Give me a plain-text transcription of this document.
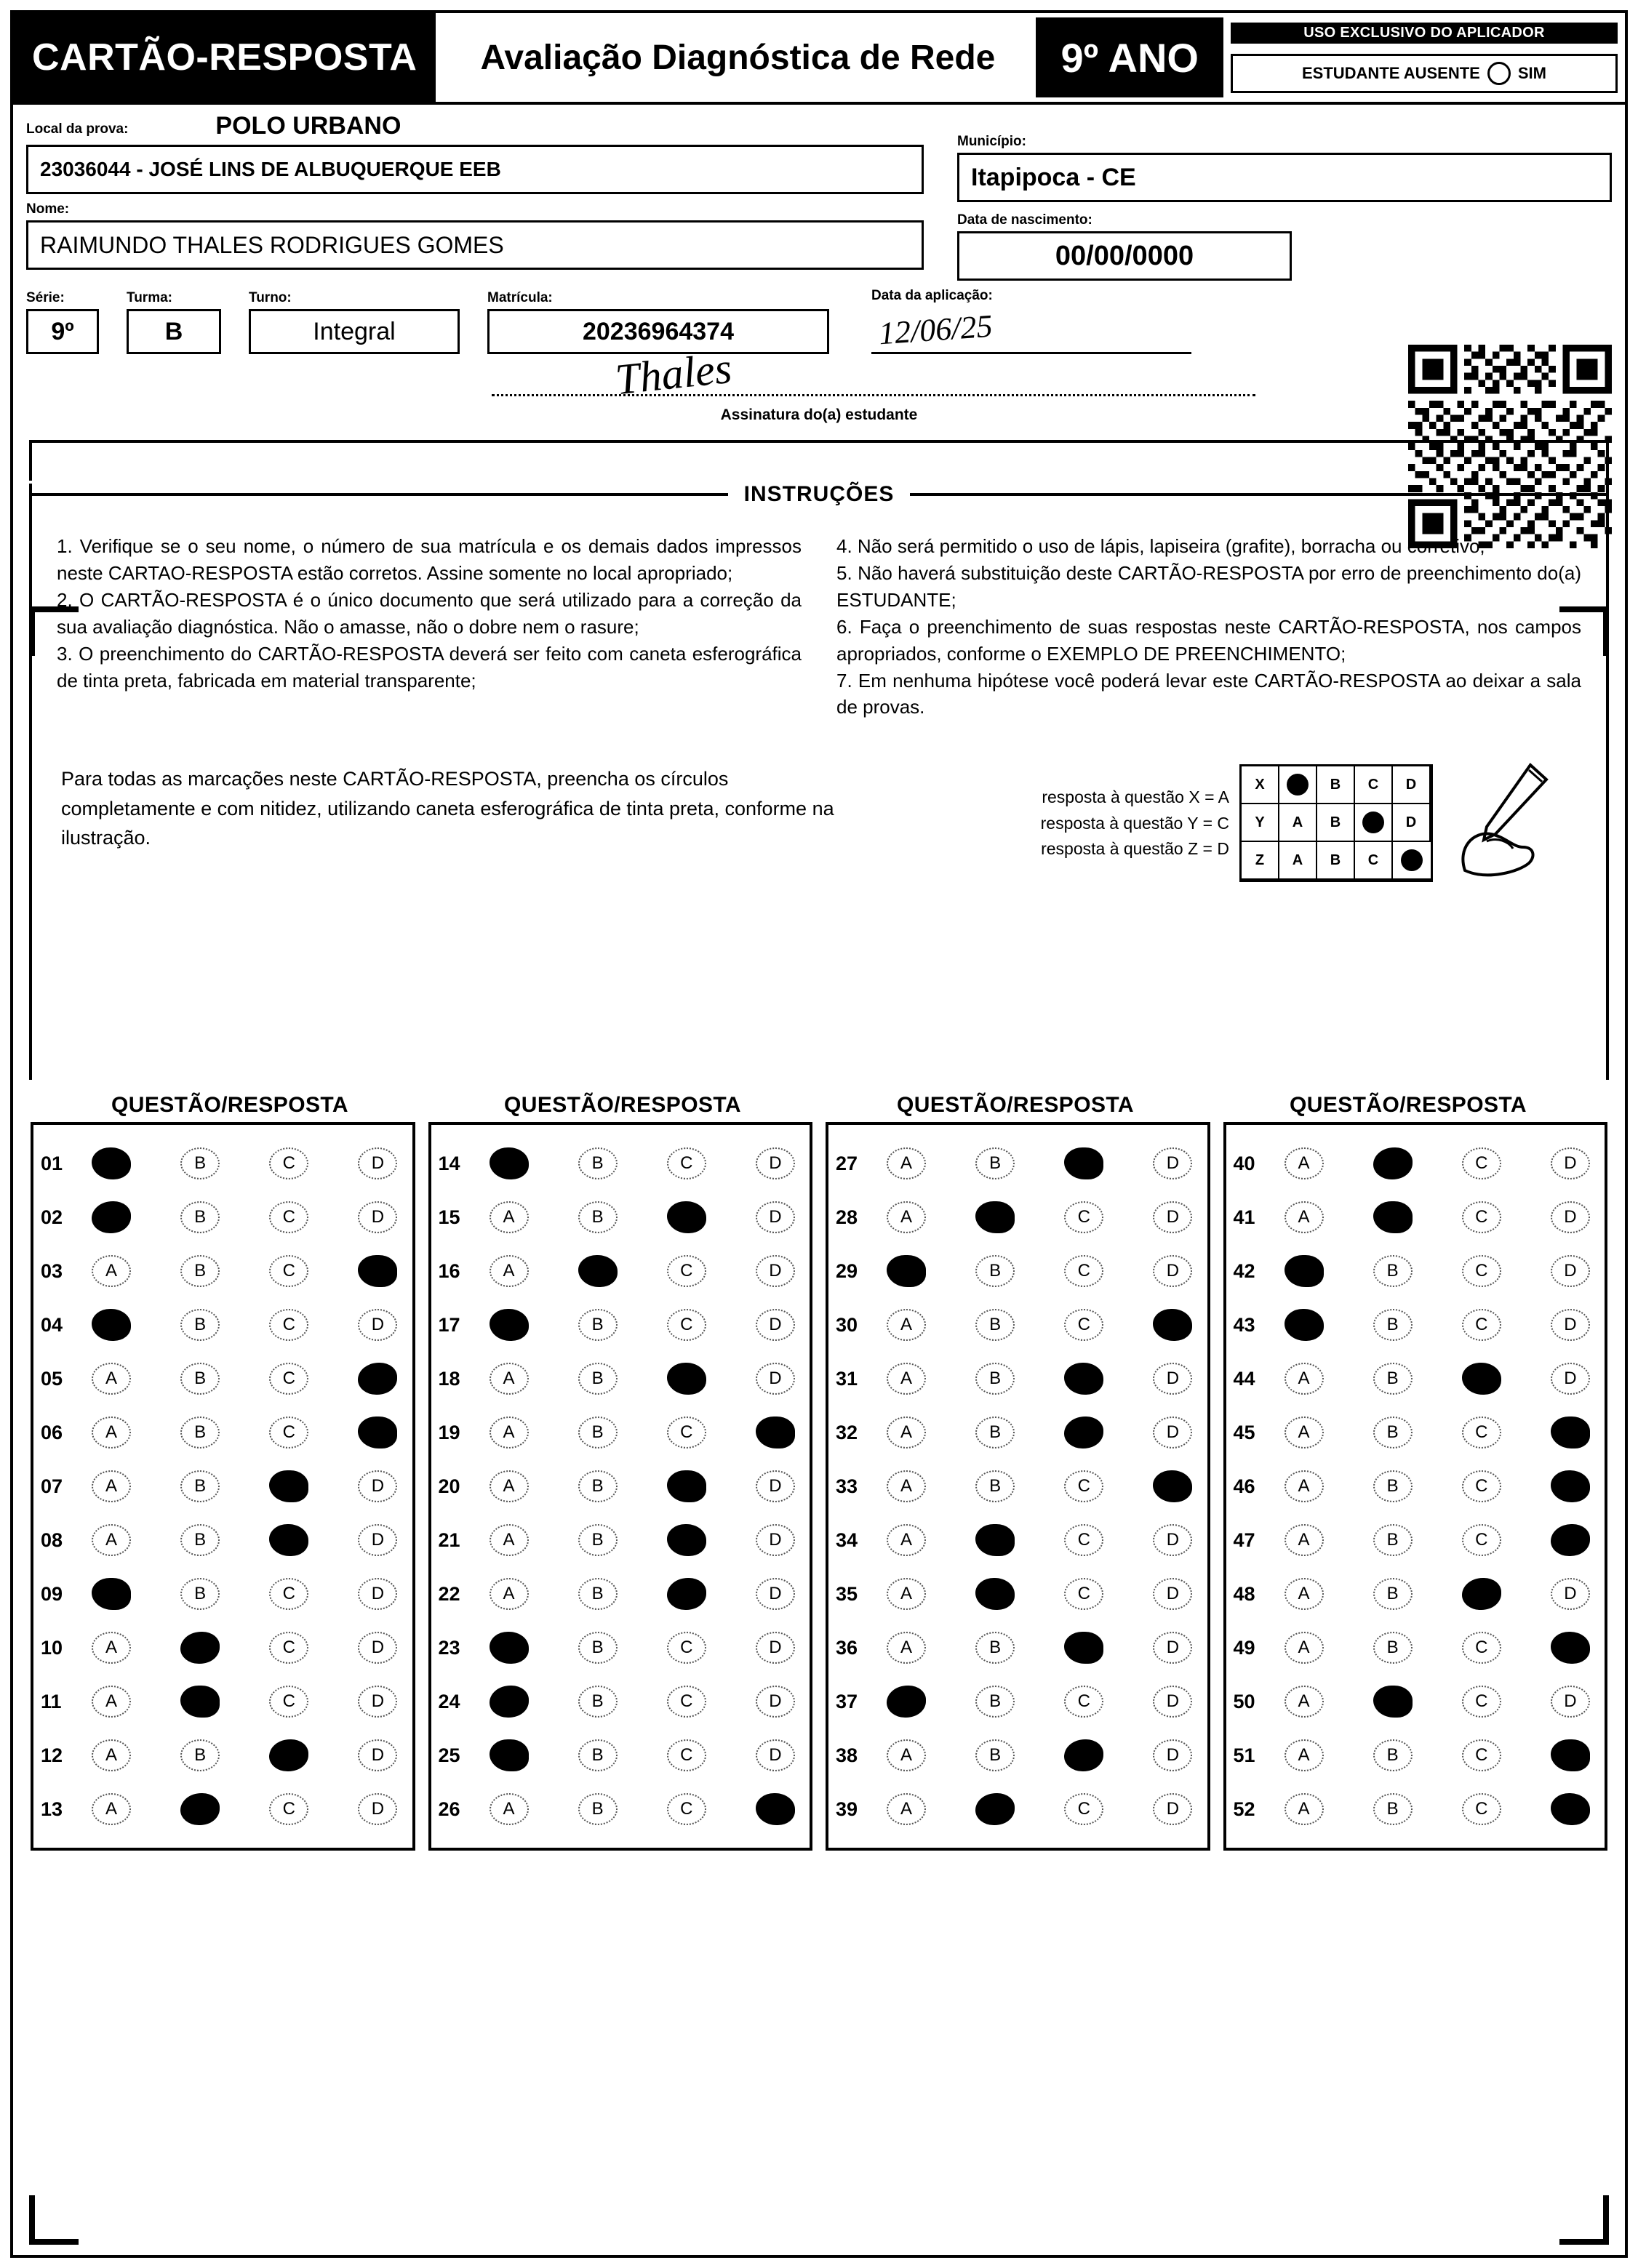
CARTÃO-RESPOSTA	Avaliação Diagnóstica de Rede	9º ANO
USO EXCLUSIVO DO APLICADOR
ESTUDANTE AUSENTE SIM
Local da prova:	POLO URBANO
23036044 - JOSÉ LINS DE ALBUQUERQUE EEB
Nome:
RAIMUNDO THALES RODRIGUES GOMES
Município:
Itapipoca - CE
Data de nascimento:
00/00/0000
Série:
9º
Turma:
B
Turno:
Integral
Matrícula:
20236964374
Data da aplicação:
12/06/25
Thales
Assinatura do(a) estudante
INSTRUÇÕES

1. Verifique se o seu nome, o número de sua matrícula e os demais dados impressos neste CARTAO-RESPOSTA estão corretos. Assine somente no local apropriado;

2. O CARTÃO-RESPOSTA é o único documento que será utilizado para a correção da sua avaliação diagnóstica. Não o amasse, não o dobre nem o rasure;

3. O preenchimento do CARTÃO-RESPOSTA deverá ser feito com caneta esferográfica de tinta preta, fabricada em material transparente;

4. Não será permitido o uso de lápis, lapiseira (grafite), borracha ou corretivo;

5. Não haverá substituição deste CARTÃO-RESPOSTA por erro de preenchimento do(a) ESTUDANTE;

6. Faça o preenchimento de suas respostas neste CARTÃO-RESPOSTA, nos campos apropriados, conforme o EXEMPLO DE PREENCHIMENTO;

7. Em nenhuma hipótese você poderá levar este CARTÃO-RESPOSTA ao deixar a sala de provas.

Para todas as marcações neste CARTÃO-RESPOSTA, preencha os círculos completamente e com nitidez, utilizando caneta esferográfica de tinta preta, conforme na ilustração.

resposta à questão X = A
resposta à questão Y = C
resposta à questão Z = D
X	B	C	D
Y	A	B	D
Z	A	B	C
QUESTÃO/RESPOSTA	QUESTÃO/RESPOSTA	QUESTÃO/RESPOSTA	QUESTÃO/RESPOSTA
01	B	C	D
02	B	C	D
03	A	B	C
04	B	C	D
05	A	B	C
06	A	B	C
07	A	B	D
08	A	B	D
09	B	C	D
10	A	C	D
11	A	C	D
12	A	B	D
13	A	C	D
14	B	C	D
15	A	B	D
16	A	C	D
17	B	C	D
18	A	B	D
19	A	B	C
20	A	B	D
21	A	B	D
22	A	B	D
23	B	C	D
24	B	C	D
25	B	C	D
26	A	B	C
27	A	B	D
28	A	C	D
29	B	C	D
30	A	B	C
31	A	B	D
32	A	B	D
33	A	B	C
34	A	C	D
35	A	C	D
36	A	B	D
37	B	C	D
38	A	B	D
39	A	C	D
40	A	C	D
41	A	C	D
42	B	C	D
43	B	C	D
44	A	B	D
45	A	B	C
46	A	B	C
47	A	B	C
48	A	B	D
49	A	B	C
50	A	C	D
51	A	B	C
52	A	B	C
